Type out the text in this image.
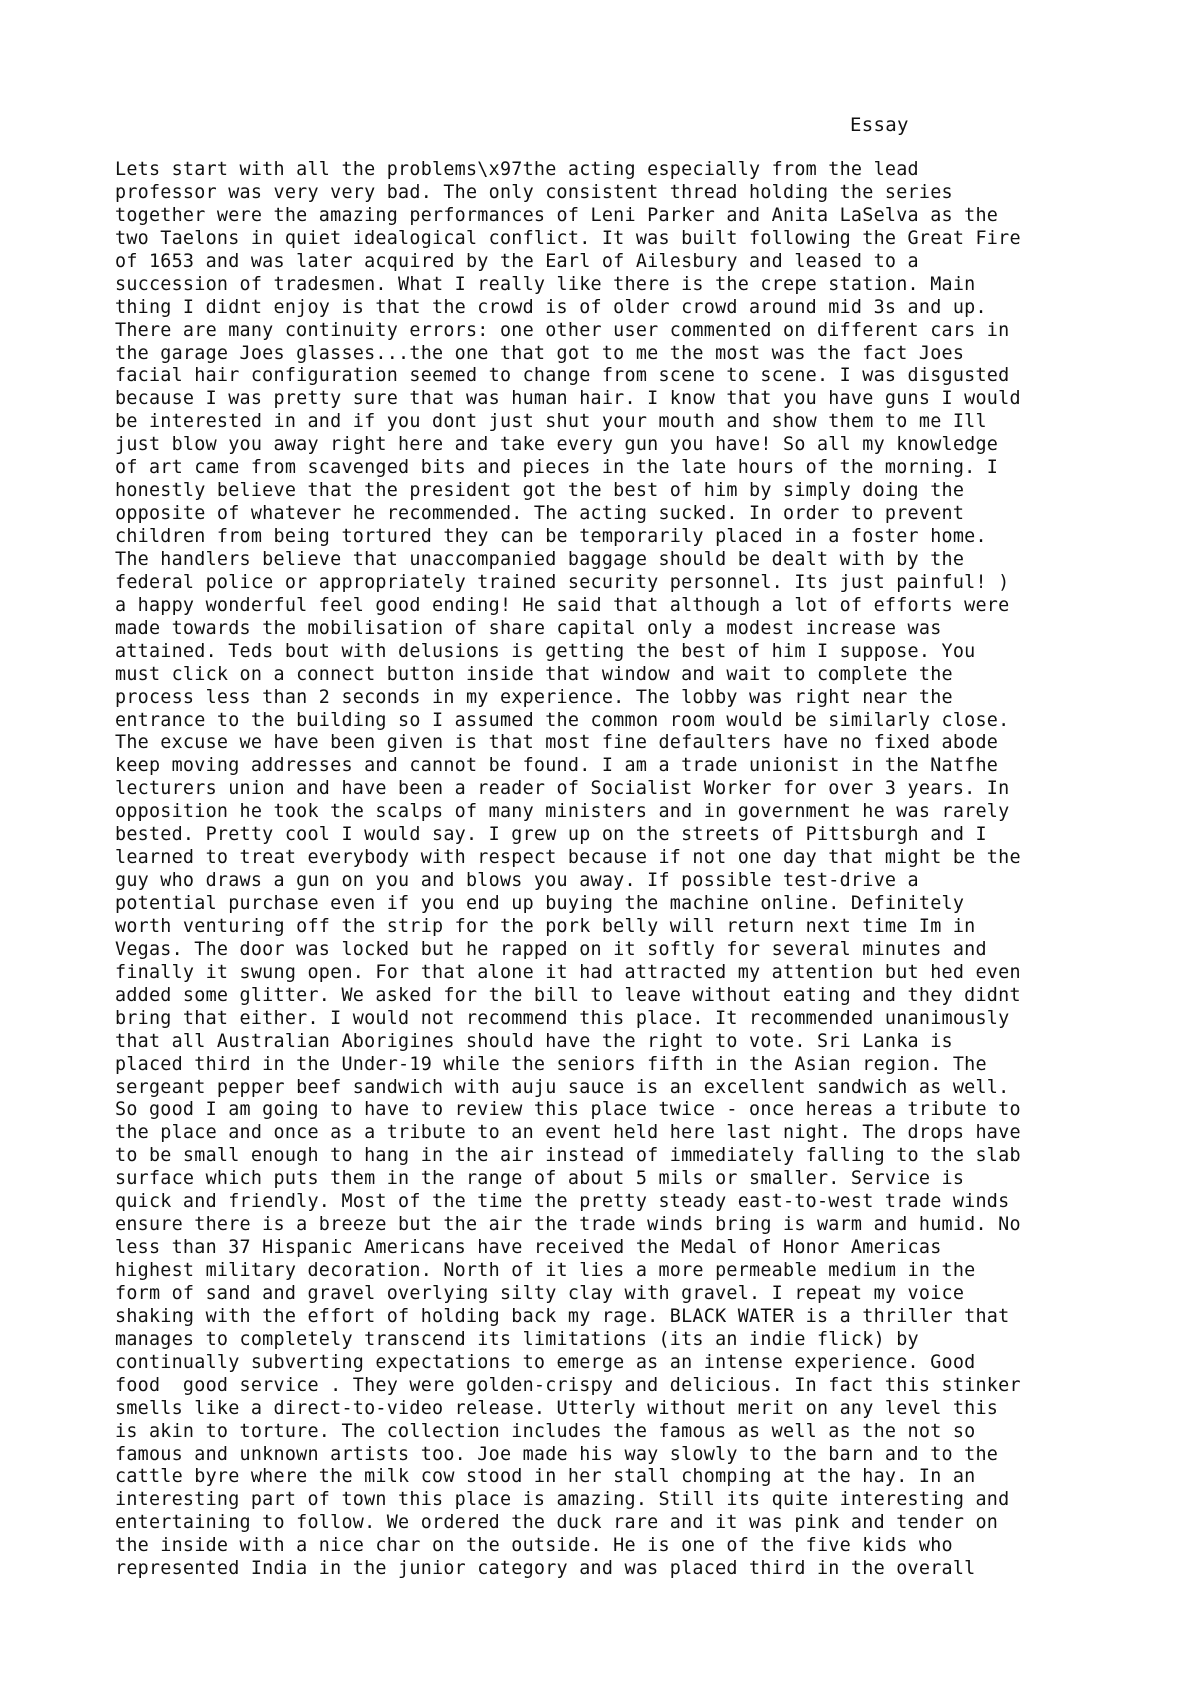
Essay

Lets start with all the problems\x97the acting especially from the lead

professor was very very bad. The only consistent thread holding the series

together were the amazing performances of Leni Parker and Anita LaSelva as the

two Taelons in quiet idealogical conflict. It was built following the Great Fire

of 1653 and was later acquired by the Earl of Ailesbury and leased to a

succession of tradesmen. What I really like there is the crepe station. Main

thing I didnt enjoy is that the crowd is of older crowd around mid 3s and up.

There are many continuity errors: one other user commented on different cars in

the garage Joes glasses...the one that got to me the most was the fact Joes

facial hair configuration seemed to change from scene to scene. I was disgusted

because I was pretty sure that was human hair. I know that you have guns I would

be interested in and if you dont just shut your mouth and show them to me Ill

just blow you away right here and take every gun you have! So all my knowledge

of art came from scavenged bits and pieces in the late hours of the morning. I

honestly believe that the president got the best of him by simply doing the

opposite of whatever he recommended. The acting sucked. In order to prevent

children from being tortured they can be temporarily placed in a foster home.

The handlers believe that unaccompanied baggage should be dealt with by the

federal police or appropriately trained security personnel. Its just painful! )

a happy wonderful feel good ending! He said that although a lot of efforts were

made towards the mobilisation of share capital only a modest increase was

attained. Teds bout with delusions is getting the best of him I suppose. You

must click on a connect button inside that window and wait to complete the

process less than 2 seconds in my experience. The lobby was right near the

entrance to the building so I assumed the common room would be similarly close.

The excuse we have been given is that most fine defaulters have no fixed abode

keep moving addresses and cannot be found. I am a trade unionist in the Natfhe

lecturers union and have been a reader of Socialist Worker for over 3 years. In

opposition he took the scalps of many ministers and in government he was rarely

bested. Pretty cool I would say. I grew up on the streets of Pittsburgh and I

learned to treat everybody with respect because if not one day that might be the

guy who draws a gun on you and blows you away. If possible test-drive a

potential purchase even if you end up buying the machine online. Definitely

worth venturing off the strip for the pork belly will return next time Im in

Vegas. The door was locked but he rapped on it softly for several minutes and

finally it swung open. For that alone it had attracted my attention but hed even

added some glitter. We asked for the bill to leave without eating and they didnt

bring that either. I would not recommend this place. It recommended unanimously

that all Australian Aborigines should have the right to vote. Sri Lanka is

placed third in the Under-19 while the seniors fifth in the Asian region. The

sergeant pepper beef sandwich with auju sauce is an excellent sandwich as well.

So good I am going to have to review this place twice - once hereas a tribute to

the place and once as a tribute to an event held here last night. The drops have

to be small enough to hang in the air instead of immediately falling to the slab

surface which puts them in the range of about 5 mils or smaller. Service is

quick and friendly. Most of the time the pretty steady east-to-west trade winds

ensure there is a breeze but the air the trade winds bring is warm and humid. No

less than 37 Hispanic Americans have received the Medal of Honor Americas

highest military decoration. North of it lies a more permeable medium in the

form of sand and gravel overlying silty clay with gravel. I repeat my voice

shaking with the effort of holding back my rage. BLACK WATER is a thriller that

manages to completely transcend its limitations (its an indie flick) by

continually subverting expectations to emerge as an intense experience. Good

food  good service . They were golden-crispy and delicious. In fact this stinker

smells like a direct-to-video release. Utterly without merit on any level this

is akin to torture. The collection includes the famous as well as the not so

famous and unknown artists too. Joe made his way slowly to the barn and to the

cattle byre where the milk cow stood in her stall chomping at the hay. In an

interesting part of town this place is amazing. Still its quite interesting and

entertaining to follow. We ordered the duck rare and it was pink and tender on

the inside with a nice char on the outside. He is one of the five kids who

represented India in the junior category and was placed third in the overall
